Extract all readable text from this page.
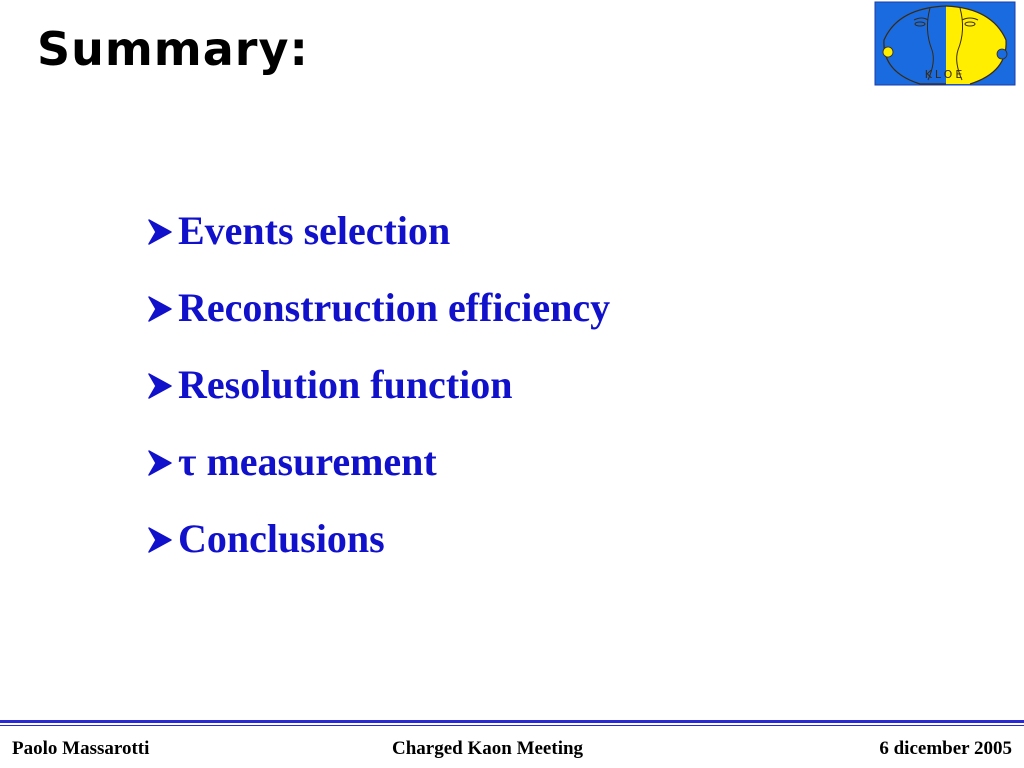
Summary:	KLOE
Events selection
Reconstruction efficiency
Resolution function
τ measurement
Conclusions
Paolo Massarotti	Charged Kaon Meeting	6 dicember 2005
